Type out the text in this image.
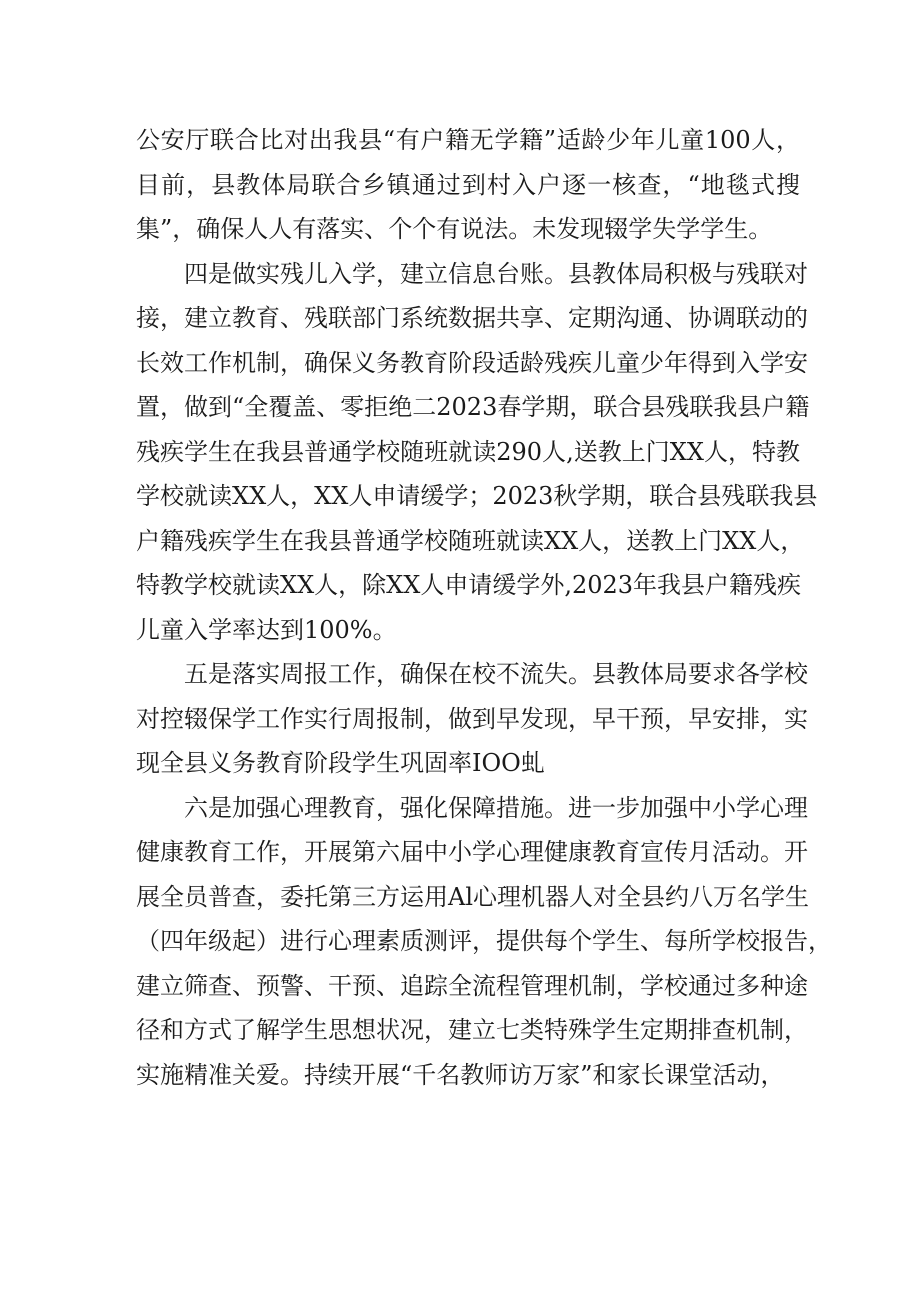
公安厅联合比对出我县“有户籍无学籍”适龄少年儿童100人，
目前，县教体局联合乡镇通过到村入户逐一核查，“地毯式搜
集”，确保人人有落实、个个有说法。未发现辍学失学学生。
四是做实残儿入学，建立信息台账。县教体局积极与残联对
接，建立教育、残联部门系统数据共享、定期沟通、协调联动的
长效工作机制，确保义务教育阶段适龄残疾儿童少年得到入学安
置，做到“全覆盖、零拒绝二2023春学期，联合县残联我县户籍
残疾学生在我县普通学校随班就读290人,送教上门XX人，特教
学校就读XX人，XX人申请缓学；2023秋学期，联合县残联我县
户籍残疾学生在我县普通学校随班就读XX人，送教上门XX人，
特教学校就读XX人，除XX人申请缓学外,2023年我县户籍残疾
儿童入学率达到100%。
五是落实周报工作，确保在校不流失。县教体局要求各学校
对控辍保学工作实行周报制，做到早发现，早干预，早安排，实
现全县义务教育阶段学生巩固率IOO虬
六是加强心理教育，强化保障措施。进一步加强中小学心理
健康教育工作，开展第六届中小学心理健康教育宣传月活动。开
展全员普查，委托第三方运用Al心理机器人对全县约八万名学生
（四年级起）进行心理素质测评，提供每个学生、每所学校报告，
建立筛查、预警、干预、追踪全流程管理机制，学校通过多种途
径和方式了解学生思想状况，建立七类特殊学生定期排查机制，
实施精准关爱。持续开展“千名教师访万家”和家长课堂活动，
